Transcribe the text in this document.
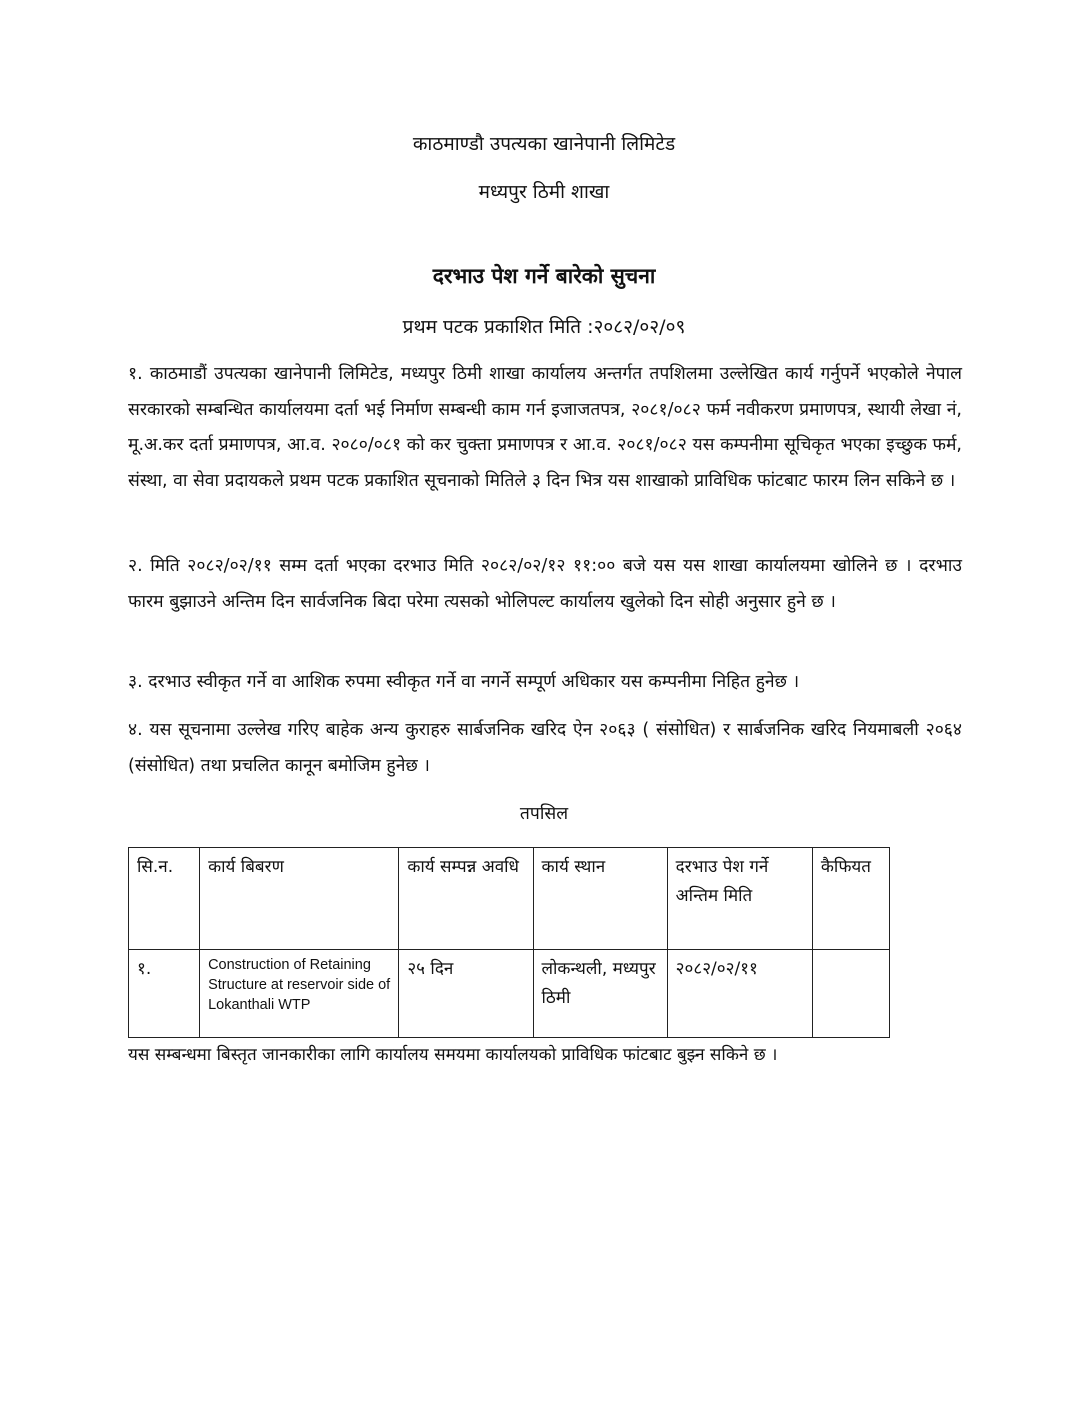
काठमाण्डौ उपत्यका खानेपानी लिमिटेड
मध्यपुर ठिमी शाखा
दरभाउ पेश गर्ने बारेको सुचना
प्रथम पटक प्रकाशित मिति :२०८२/०२/०९

१. काठमाडौं उपत्यका खानेपानी लिमिटेड, मध्यपुर ठिमी शाखा कार्यालय अन्तर्गत तपशिलमा उल्लेखित कार्य गर्नुपर्ने भएकोले नेपाल सरकारको सम्बन्धित कार्यालयमा दर्ता भई निर्माण सम्बन्धी काम गर्न इजाजतपत्र, २०८१/०८२ फर्म नवीकरण प्रमाणपत्र, स्थायी लेखा नं, मू.अ.कर दर्ता प्रमाणपत्र, आ.व. २०८०/०८१ को कर चुक्ता प्रमाणपत्र र आ.व. २०८१/०८२ यस कम्पनीमा सूचिकृत भएका इच्छुक फर्म, संस्था, वा सेवा प्रदायकले प्रथम पटक प्रकाशित सूचनाको मितिले ३ दिन भित्र यस शाखाको प्राविधिक फांटबाट फारम लिन सकिने छ ।

२. मिति २०८२/०२/११ सम्म दर्ता भएका दरभाउ मिति २०८२/०२/१२ ११:०० बजे यस यस शाखा कार्यालयमा खोलिने छ । दरभाउ फारम बुझाउने अन्तिम दिन सार्वजनिक बिदा परेमा त्यसको भोलिपल्ट कार्यालय खुलेको दिन सोही अनुसार हुने छ ।

३. दरभाउ स्वीकृत गर्ने वा आशिक रुपमा स्वीकृत गर्ने वा नगर्ने सम्पूर्ण अधिकार यस कम्पनीमा निहित हुनेछ ।

४. यस सूचनामा उल्लेख गरिए बाहेक अन्य कुराहरु सार्बजनिक खरिद ऐन २०६३ ( संसोधित) र सार्बजनिक खरिद नियमाबली २०६४ (संसोधित) तथा प्रचलित कानून बमोजिम हुनेछ ।

तपसिल
सि.न.	कार्य बिबरण	कार्य सम्पन्न अवधि	कार्य स्थान	दरभाउ पेश गर्ने अन्तिम मिति	कैफियत
१.	Construction of Retaining Structure at reservoir side of Lokanthali WTP	२५ दिन	लोकन्थली, मध्यपुर ठिमी	२०८२/०२/११	
यस सम्बन्धमा बिस्तृत जानकारीका लागि कार्यालय समयमा कार्यालयको प्राविधिक फांटबाट बुझ्न सकिने छ ।
